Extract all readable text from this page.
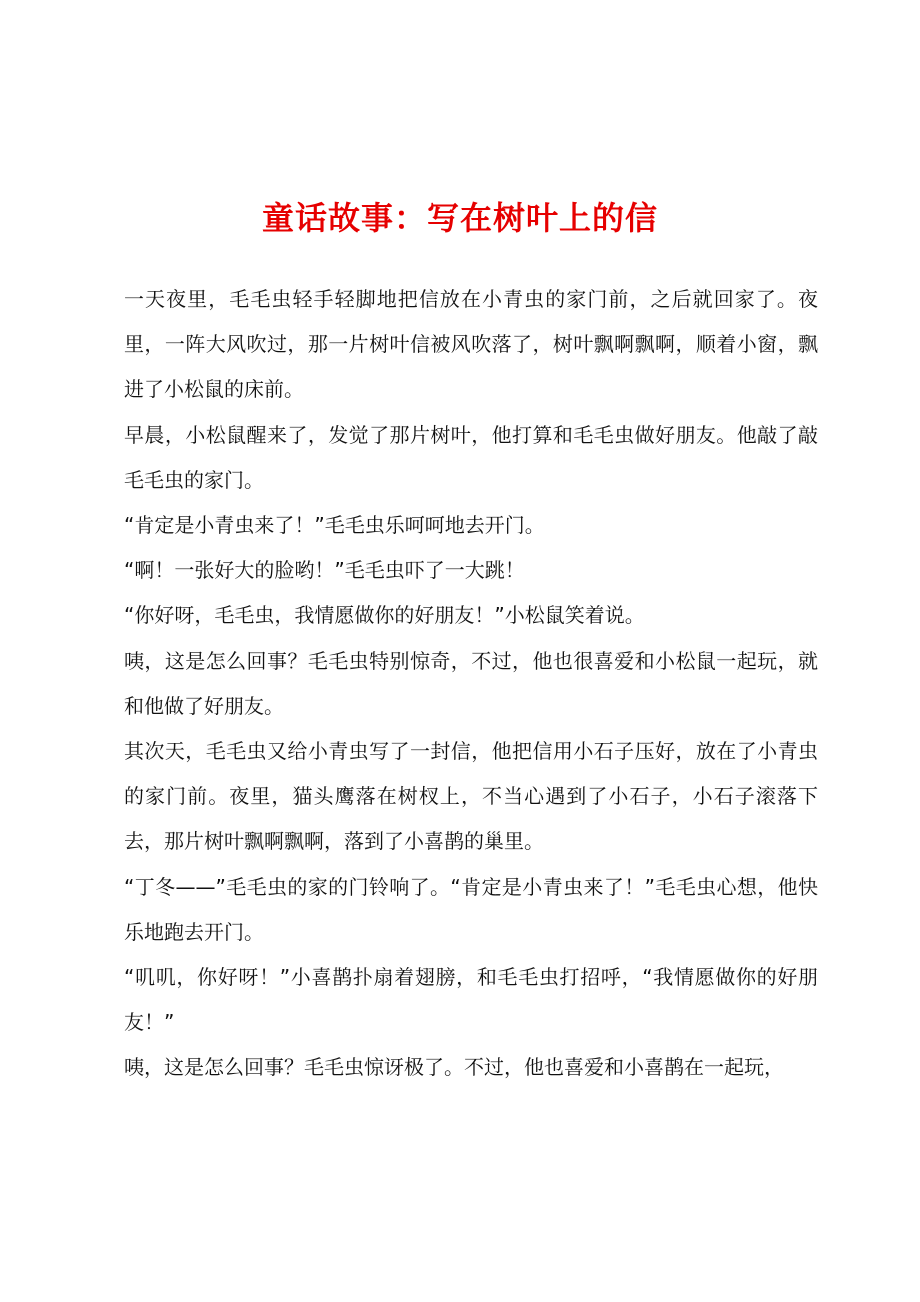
童话故事：写在树叶上的信

一天夜里，毛毛虫轻手轻脚地把信放在小青虫的家门前，之后就回家了。夜里，一阵大风吹过，那一片树叶信被风吹落了，树叶飘啊飘啊，顺着小窗，飘进了小松鼠的床前。

早晨，小松鼠醒来了，发觉了那片树叶，他打算和毛毛虫做好朋友。他敲了敲毛毛虫的家门。

“肯定是小青虫来了！”毛毛虫乐呵呵地去开门。

“啊！一张好大的脸哟！”毛毛虫吓了一大跳！

“你好呀，毛毛虫，我情愿做你的好朋友！”小松鼠笑着说。

咦，这是怎么回事？毛毛虫特别惊奇，不过，他也很喜爱和小松鼠一起玩，就和他做了好朋友。

其次天，毛毛虫又给小青虫写了一封信，他把信用小石子压好，放在了小青虫的家门前。夜里，猫头鹰落在树杈上，不当心遇到了小石子，小石子滚落下去，那片树叶飘啊飘啊，落到了小喜鹊的巢里。

“丁冬——”毛毛虫的家的门铃响了。“肯定是小青虫来了！”毛毛虫心想，他快乐地跑去开门。

“叽叽，你好呀！”小喜鹊扑扇着翅膀，和毛毛虫打招呼，“我情愿做你的好朋友！”

咦，这是怎么回事？毛毛虫惊讶极了。不过，他也喜爱和小喜鹊在一起玩，
